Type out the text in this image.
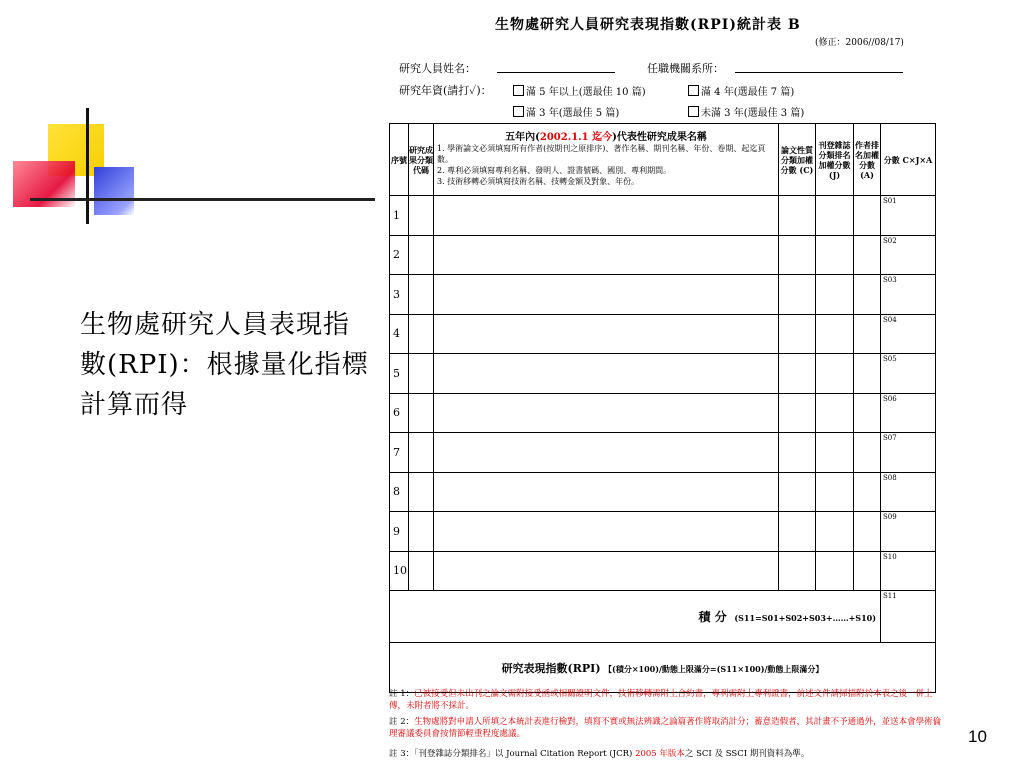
生物處研究人員表現指數(RPI)：根據量化指標計算而得
10
生物處研究人員研究表現指數(RPI)統計表 B
(修正：2006//08/17)
研究人員姓名：	任職機關系所：
研究年資(請打✓)：	滿 5 年以上(選最佳 10 篇)	滿 4 年(選最佳 7 篇)
滿 3 年(選最佳 5 篇)	未滿 3 年(選最佳 3 篇)
序號	研究成果分類代碼	五年內(2002.1.1 迄今)代表性研究成果名稱
1. 學術論文必須填寫所有作者(按期刊之原排序)、著作名稱、期刊名稱、年份、卷期、起迄頁數。
2. 專利必須填寫專利名稱、發明人、證書號碼、國別、專利期間。
3. 技術移轉必須填寫技術名稱、技轉金額及對象、年份。	論文性質分類加權分數 (C)	刊登雜誌分類排名加權分數 (J)	作者排名加權分數 (A)	分數 C×J×A
1						S01
2						S02
3						S03
4						S04
5						S05
6						S06
7						S07
8						S08
9						S09
10						S10
積 分 (S11=S01+S02+S03+……+S10)						S11
研究表現指數(RPI) 【(積分×100)/動態上限滿分=(S11×100)/動態上限滿分】						
註 1：已被接受但未出刊之論文需附接受函或相關證明文件，技術移轉需附上合約書，專利需附上專利證書，前述文件請掃描附於本表之後一併上傳，未附者將不採計。
註 2：生物處將對申請人所填之本統計表進行檢對，填寫不實或無法辨識之論篇著作將取消計分；蓄意造假者，其計畫不予通過外，並送本會學術倫理審議委員會按情節輕重程度處議。
註 3：「刊登雜誌分類排名」以 Journal Citation Report (JCR) 2005 年版本之 SCI 及 SSCI 期刊資料為準。
